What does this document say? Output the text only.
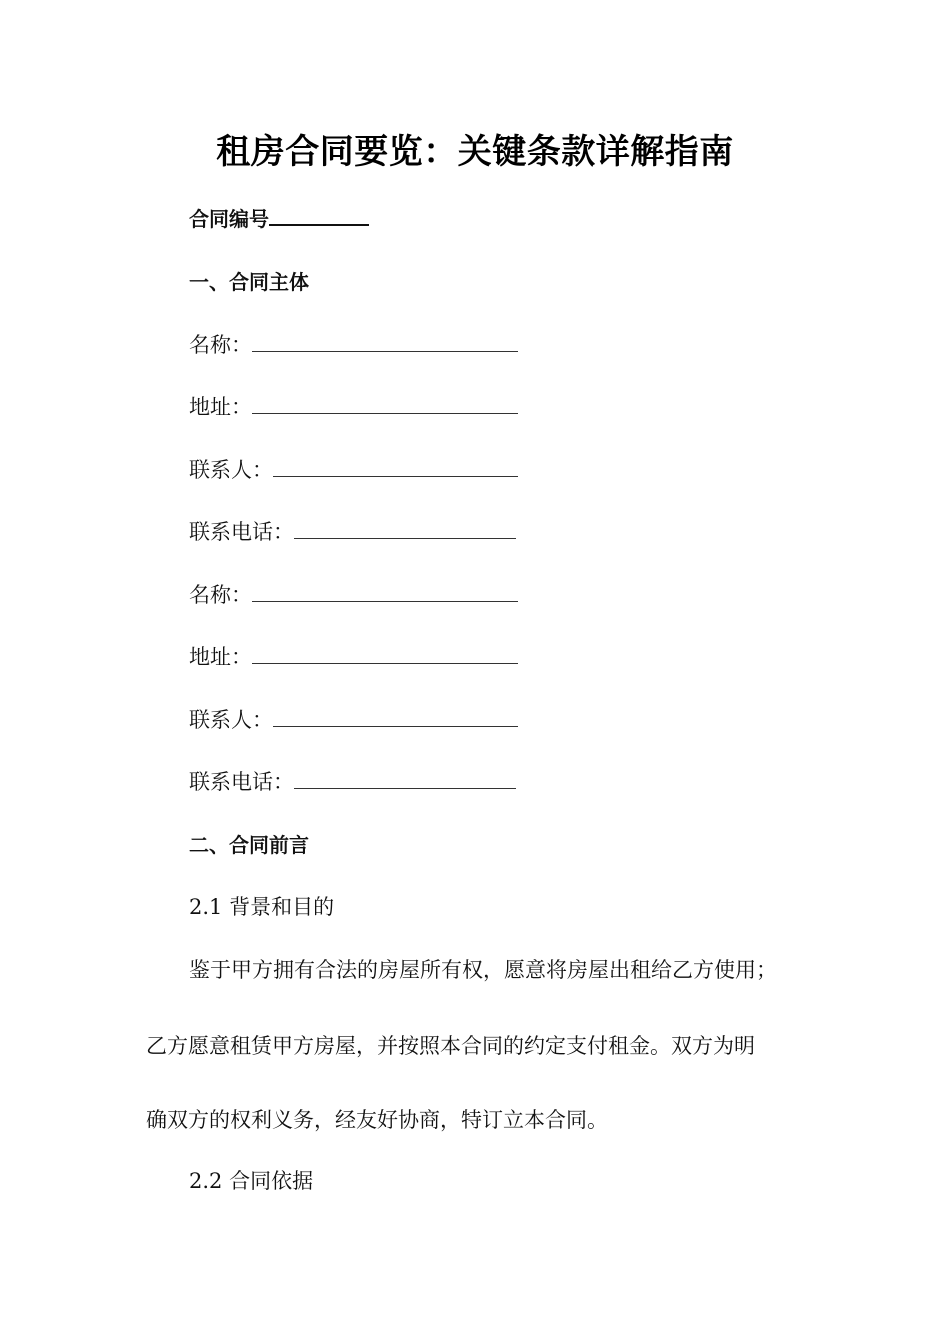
租房合同要览：关键条款详解指南
合同编号
一、合同主体
名称：
地址：
联系人：
联系电话：
名称：
地址：
联系人：
联系电话：
二、合同前言
2.1 背景和目的
鉴于甲方拥有合法的房屋所有权，愿意将房屋出租给乙方使用；
乙方愿意租赁甲方房屋，并按照本合同的约定支付租金。双方为明
确双方的权利义务，经友好协商，特订立本合同。
2.2 合同依据
